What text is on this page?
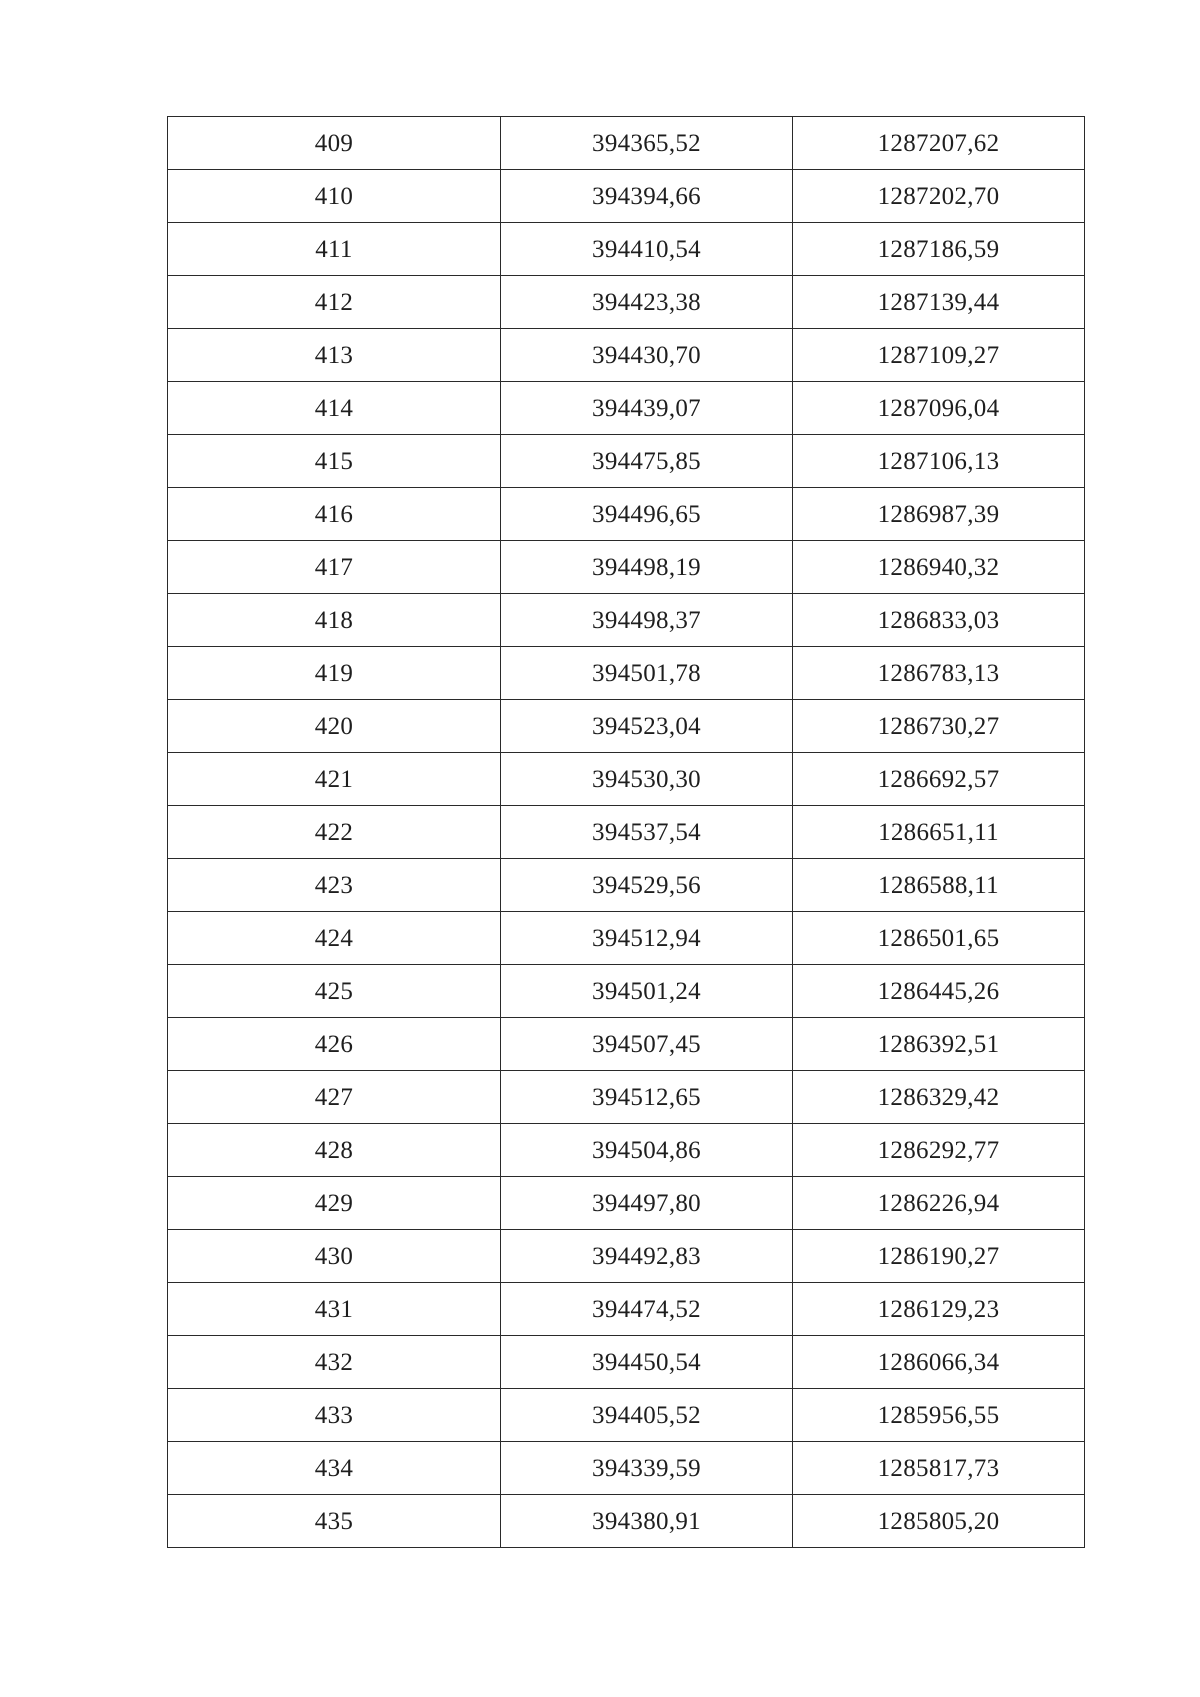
409	394365,52	1287207,62
410	394394,66	1287202,70
411	394410,54	1287186,59
412	394423,38	1287139,44
413	394430,70	1287109,27
414	394439,07	1287096,04
415	394475,85	1287106,13
416	394496,65	1286987,39
417	394498,19	1286940,32
418	394498,37	1286833,03
419	394501,78	1286783,13
420	394523,04	1286730,27
421	394530,30	1286692,57
422	394537,54	1286651,11
423	394529,56	1286588,11
424	394512,94	1286501,65
425	394501,24	1286445,26
426	394507,45	1286392,51
427	394512,65	1286329,42
428	394504,86	1286292,77
429	394497,80	1286226,94
430	394492,83	1286190,27
431	394474,52	1286129,23
432	394450,54	1286066,34
433	394405,52	1285956,55
434	394339,59	1285817,73
435	394380,91	1285805,20
